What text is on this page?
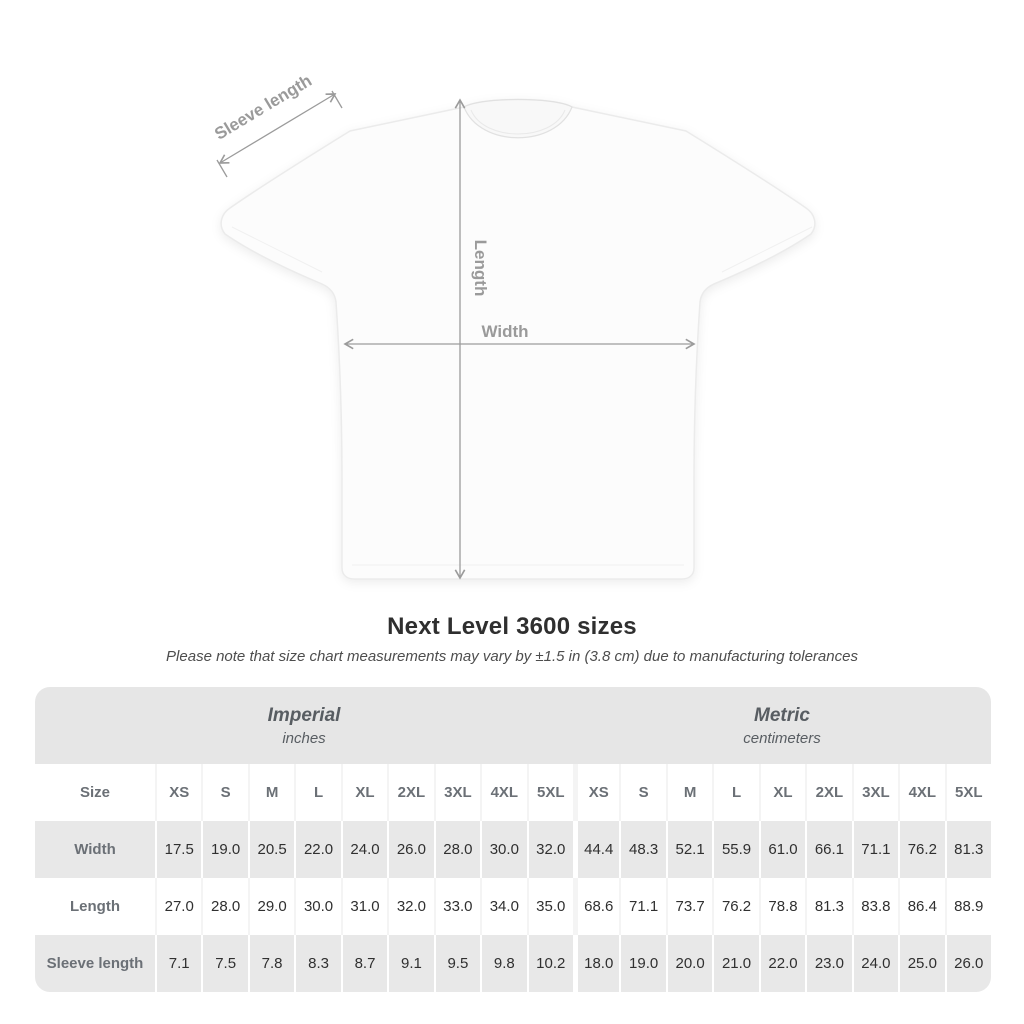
Length
Width
Sleeve length
Next Level 3600 sizes

Please note that size chart measurements may vary by ±1.5 in (3.8 cm) due to manufacturing tolerances

Imperial
inches
Metric
centimeters
Size	XS	S	M	L	XL	2XL	3XL	4XL	5XL	XS	S	M	L	XL	2XL	3XL	4XL	5XL
Width	17.5	19.0	20.5	22.0	24.0	26.0	28.0	30.0	32.0	44.4	48.3	52.1	55.9	61.0	66.1	71.1	76.2	81.3
Length	27.0	28.0	29.0	30.0	31.0	32.0	33.0	34.0	35.0	68.6	71.1	73.7	76.2	78.8	81.3	83.8	86.4	88.9
Sleeve length	7.1	7.5	7.8	8.3	8.7	9.1	9.5	9.8	10.2	18.0	19.0	20.0	21.0	22.0	23.0	24.0	25.0	26.0
